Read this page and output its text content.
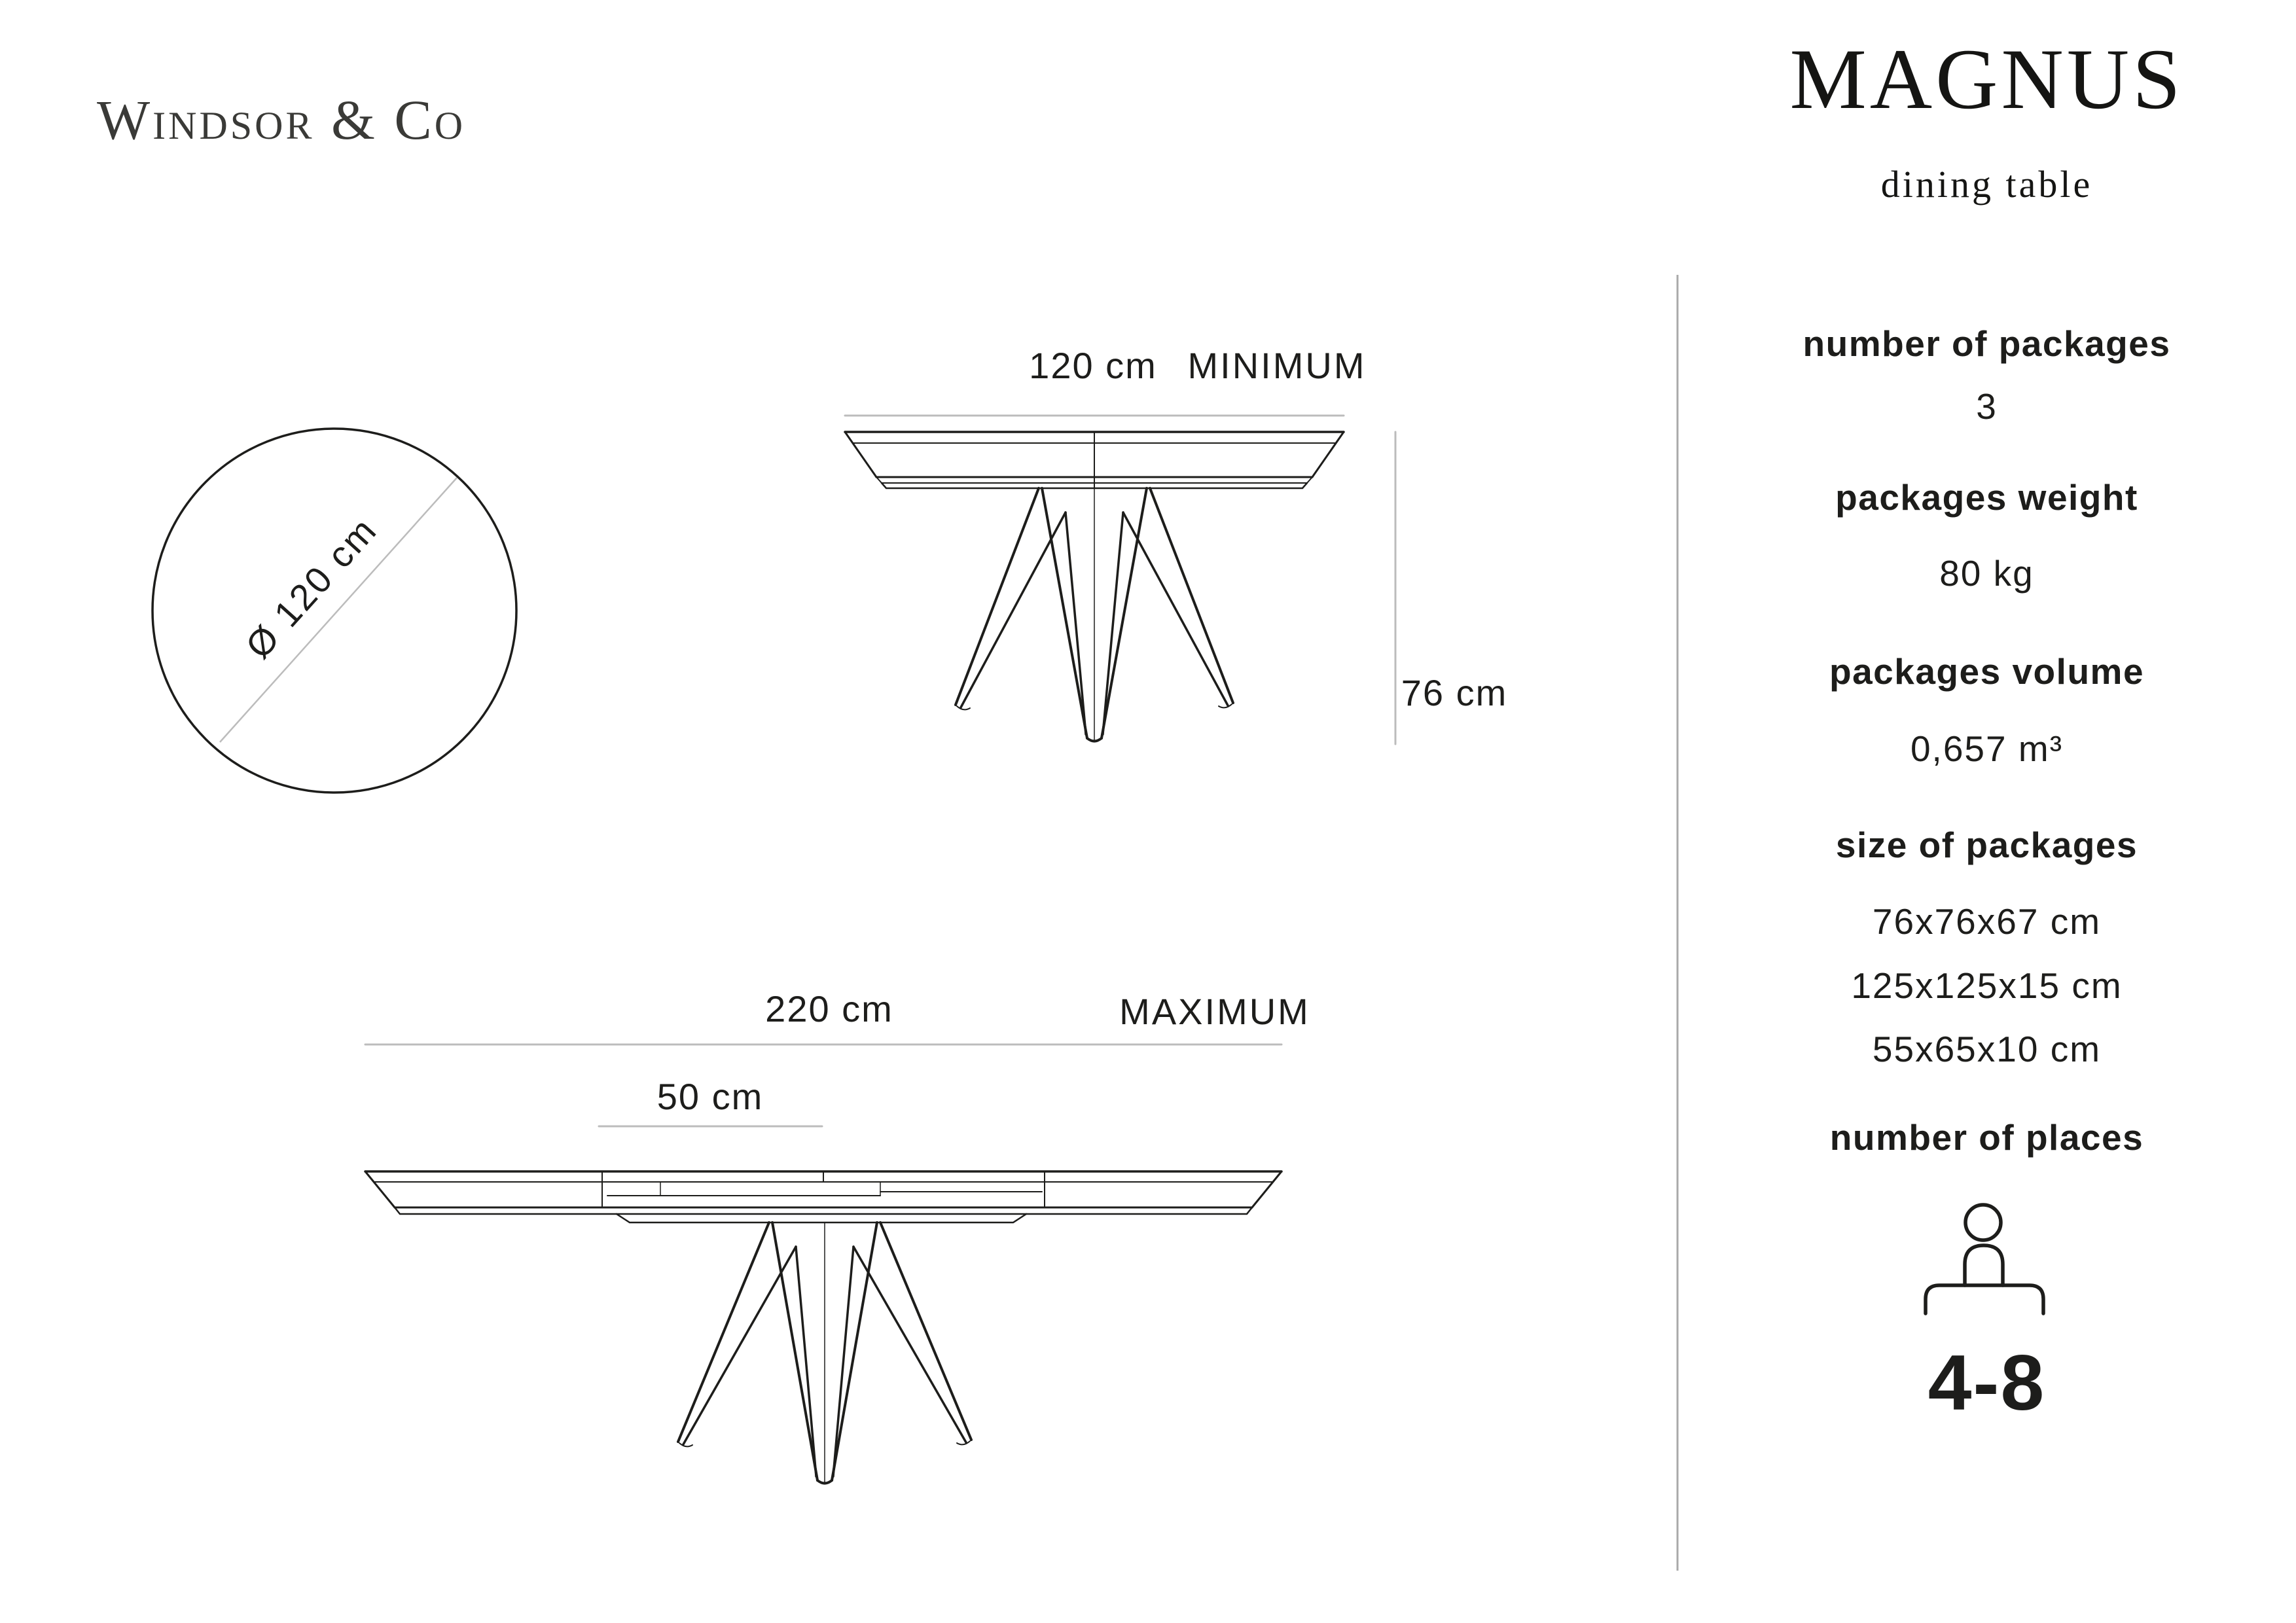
Windsor & Co	MAGNUS
dining table
Ø 120 cm
120 cm MINIMUM
76 cm
220 cm	MAXIMUM
50 cm
number of packages
3
packages weight
80 kg
packages volume
0,657 m³
size of packages
76x76x67 cm
125x125x15 cm
55x65x10 cm
number of places
4-8
